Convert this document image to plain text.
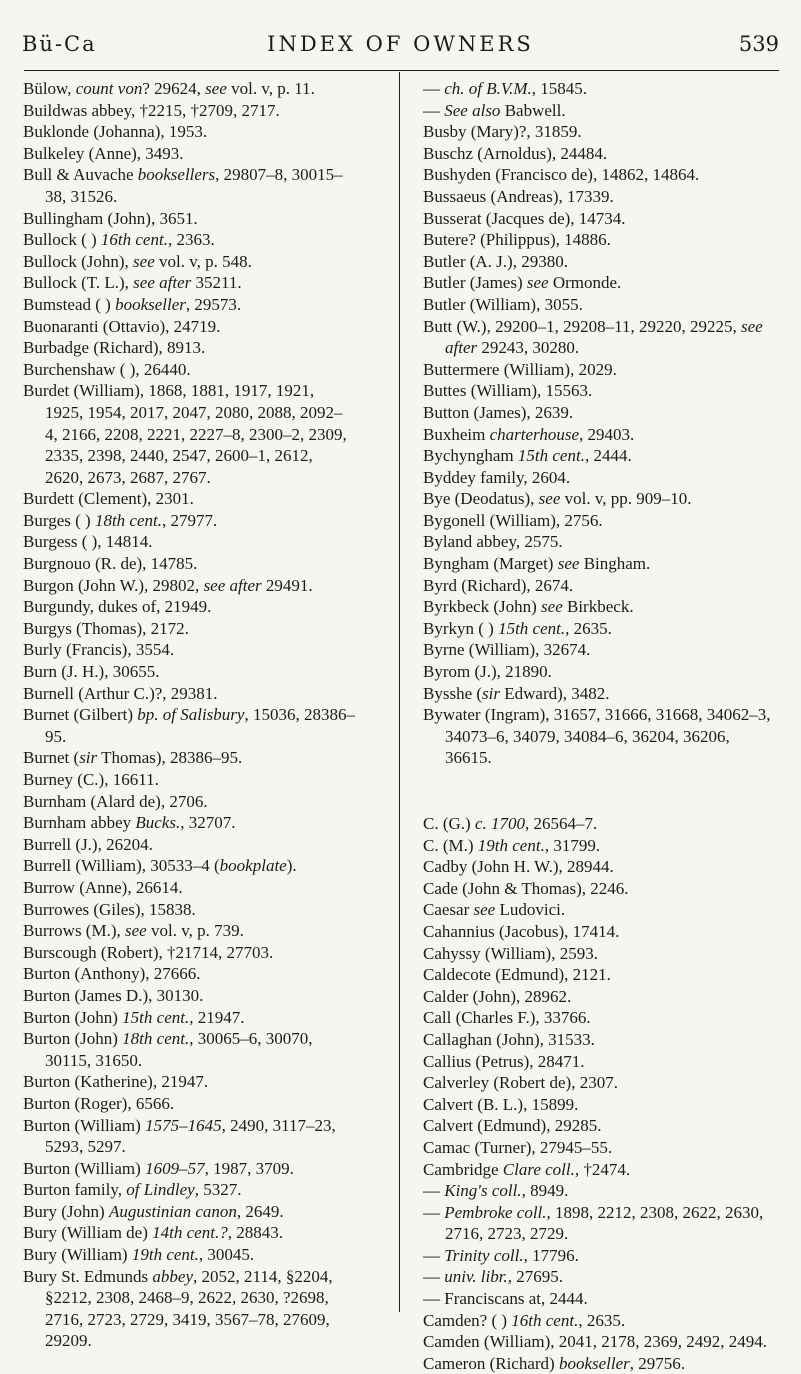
Bü-Ca	INDEX OF OWNERS	539

Bülow, count von? 29624, see vol. v, p. 11.

Buildwas abbey, †2215, †2709, 2717.

Buklonde (Johanna), 1953.

Bulkeley (Anne), 3493.

Bull & Auvache booksellers, 29807–8, 30015–38, 31526.

Bullingham (John), 3651.

Bullock ( ) 16th cent., 2363.

Bullock (John), see vol. v, p. 548.

Bullock (T. L.), see after 35211.

Bumstead ( ) bookseller, 29573.

Buonaranti (Ottavio), 24719.

Burbadge (Richard), 8913.

Burchenshaw ( ), 26440.

Burdet (William), 1868, 1881, 1917, 1921, 1925, 1954, 2017, 2047, 2080, 2088, 2092–4, 2166, 2208, 2221, 2227–8, 2300–2, 2309, 2335, 2398, 2440, 2547, 2600–1, 2612, 2620, 2673, 2687, 2767.

Burdett (Clement), 2301.

Burges ( ) 18th cent., 27977.

Burgess ( ), 14814.

Burgnouo (R. de), 14785.

Burgon (John W.), 29802, see after 29491.

Burgundy, dukes of, 21949.

Burgys (Thomas), 2172.

Burly (Francis), 3554.

Burn (J. H.), 30655.

Burnell (Arthur C.)?, 29381.

Burnet (Gilbert) bp. of Salisbury, 15036, 28386–95.

Burnet (sir Thomas), 28386–95.

Burney (C.), 16611.

Burnham (Alard de), 2706.

Burnham abbey Bucks., 32707.

Burrell (J.), 26204.

Burrell (William), 30533–4 (bookplate).

Burrow (Anne), 26614.

Burrowes (Giles), 15838.

Burrows (M.), see vol. v, p. 739.

Burscough (Robert), †21714, 27703.

Burton (Anthony), 27666.

Burton (James D.), 30130.

Burton (John) 15th cent., 21947.

Burton (John) 18th cent., 30065–6, 30070, 30115, 31650.

Burton (Katherine), 21947.

Burton (Roger), 6566.

Burton (William) 1575–1645, 2490, 3117–23, 5293, 5297.

Burton (William) 1609–57, 1987, 3709.

Burton family, of Lindley, 5327.

Bury (John) Augustinian canon, 2649.

Bury (William de) 14th cent.?, 28843.

Bury (William) 19th cent., 30045.

Bury St. Edmunds abbey, 2052, 2114, §2204, §2212, 2308, 2468–9, 2622, 2630, ?2698, 2716, 2723, 2729, 3419, 3567–78, 27609, 29209.

— ch. of B.V.M., 15845.

— See also Babwell.

Busby (Mary)?, 31859.

Buschz (Arnoldus), 24484.

Bushyden (Francisco de), 14862, 14864.

Bussaeus (Andreas), 17339.

Busserat (Jacques de), 14734.

Butere? (Philippus), 14886.

Butler (A. J.), 29380.

Butler (James) see Ormonde.

Butler (William), 3055.

Butt (W.), 29200–1, 29208–11, 29220, 29225, see after 29243, 30280.

Buttermere (William), 2029.

Buttes (William), 15563.

Button (James), 2639.

Buxheim charterhouse, 29403.

Bychyngham 15th cent., 2444.

Byddey family, 2604.

Bye (Deodatus), see vol. v, pp. 909–10.

Bygonell (William), 2756.

Byland abbey, 2575.

Byngham (Marget) see Bingham.

Byrd (Richard), 2674.

Byrkbeck (John) see Birkbeck.

Byrkyn ( ) 15th cent., 2635.

Byrne (William), 32674.

Byrom (J.), 21890.

Bysshe (sir Edward), 3482.

Bywater (Ingram), 31657, 31666, 31668, 34062–3, 34073–6, 34079, 34084–6, 36204, 36206, 36615.

C. (G.) c. 1700, 26564–7.

C. (M.) 19th cent., 31799.

Cadby (John H. W.), 28944.

Cade (John & Thomas), 2246.

Caesar see Ludovici.

Cahannius (Jacobus), 17414.

Cahyssy (William), 2593.

Caldecote (Edmund), 2121.

Calder (John), 28962.

Call (Charles F.), 33766.

Callaghan (John), 31533.

Callius (Petrus), 28471.

Calverley (Robert de), 2307.

Calvert (B. L.), 15899.

Calvert (Edmund), 29285.

Camac (Turner), 27945–55.

Cambridge Clare coll., †2474.

— King's coll., 8949.

— Pembroke coll., 1898, 2212, 2308, 2622, 2630, 2716, 2723, 2729.

— Trinity coll., 17796.

— univ. libr., 27695.

— Franciscans at, 2444.

Camden? ( ) 16th cent., 2635.

Camden (William), 2041, 2178, 2369, 2492, 2494.

Cameron (Richard) bookseller, 29756.
